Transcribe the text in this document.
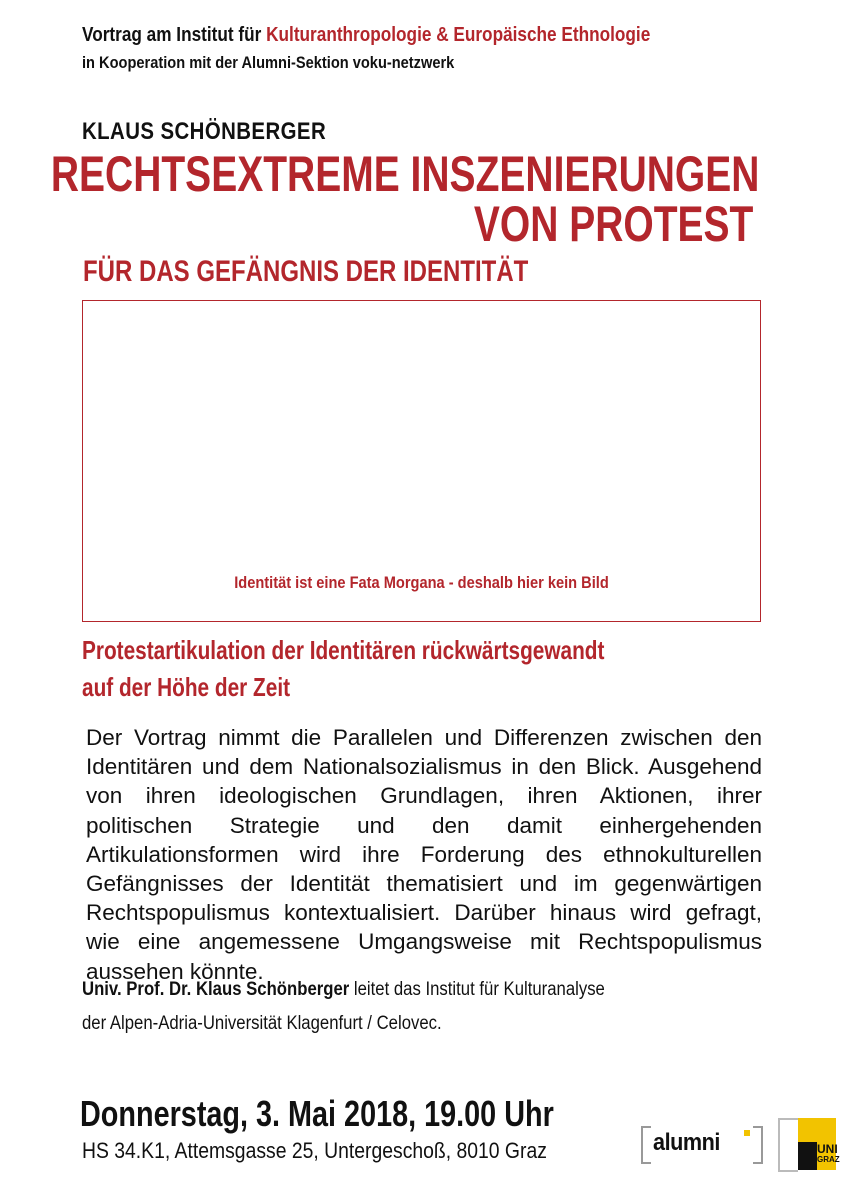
Vortrag am Institut für Kulturanthropologie & Europäische Ethnologie
in Kooperation mit der Alumni-Sektion voku-netzwerk
KLAUS SCHÖNBERGER
RECHTSEXTREME INSZENIERUNGEN
VON PROTEST
FÜR DAS GEFÄNGNIS DER IDENTITÄT
Identität ist eine Fata Morgana - deshalb hier kein Bild
Protestartikulation der Identitären rückwärtsgewandt
auf der Höhe der Zeit
Der Vortrag nimmt die Parallelen und Differenzen zwischen den Identitären und dem Nationalsozialismus in den Blick. Ausgehend von ihren ideologischen Grundlagen, ihren Aktionen, ihrer politischen Strategie und den damit einhergehenden Artikulationsformen wird ihre Forderung des ethnokulturellen Gefängnisses der Identität thematisiert und im gegenwärtigen Rechtspopulismus kontextualisiert. Darüber hinaus wird gefragt, wie eine angemessene Umgangsweise mit Rechtspopulismus aussehen könnte.
Univ. Prof. Dr. Klaus Schönberger leitet das Institut für Kulturanalyse
der Alpen-Adria-Universität Klagenfurt / Celovec.
Donnerstag, 3. Mai 2018, 19.00 Uhr
HS 34.K1, Attemsgasse 25, Untergeschoß, 8010 Graz	alumni	UNI
GRAZ
